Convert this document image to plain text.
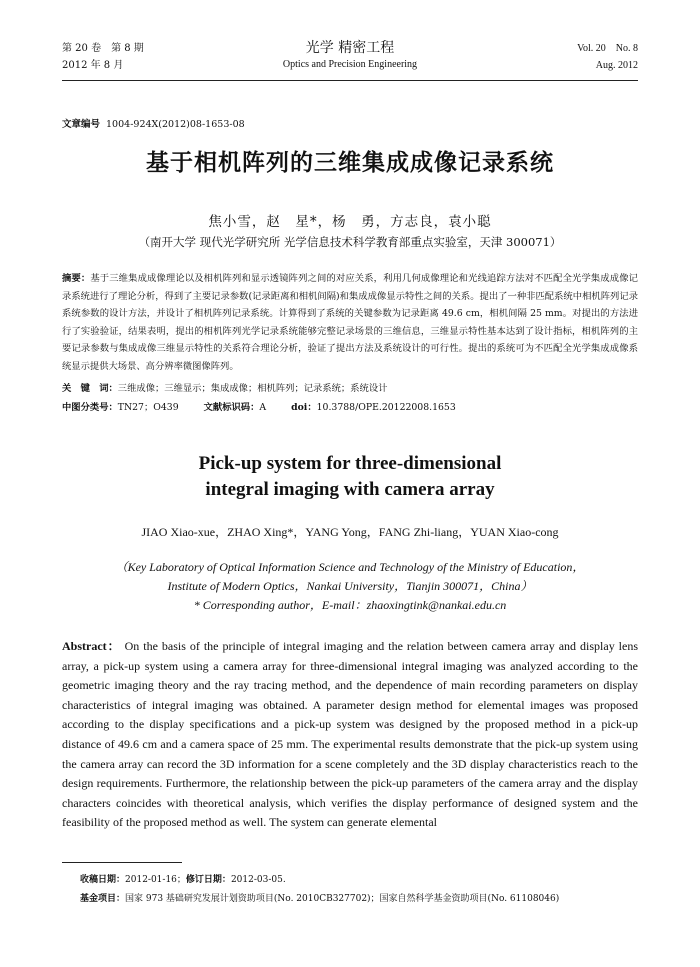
第 20 卷　第 8 期
2012 年 8 月
光学 精密工程
Optics and Precision Engineering
Vol. 20　No. 8
Aug. 2012
文章编号 1004-924X(2012)08-1653-08
基于相机阵列的三维集成成像记录系统
焦小雪，赵　星*，杨　勇，方志良，袁小聪
（南开大学 现代光学研究所 光学信息技术科学教育部重点实验室，天津 300071）
摘要：基于三维集成成像理论以及相机阵列和显示透镜阵列之间的对应关系，利用几何成像理论和光线追踪方法对不匹配全光学集成成像记录系统进行了理论分析，得到了主要记录参数(记录距离和相机间隔)和集成成像显示特性之间的关系。提出了一种非匹配系统中相机阵列记录系统参数的设计方法，并设计了相机阵列记录系统。计算得到了系统的关键参数为记录距离 49.6 cm，相机间隔 25 mm。对提出的方法进行了实验验证，结果表明，提出的相机阵列光学记录系统能够完整记录场景的三维信息，三维显示特性基本达到了设计指标，相机阵列的主要记录参数与集成成像三维显示特性的关系符合理论分析，验证了提出方法及系统设计的可行性。提出的系统可为不匹配全光学集成成像系统显示提供大场景、高分辨率微图像阵列。
关　键　词：三维成像；三维显示；集成成像；相机阵列；记录系统；系统设计
中图分类号：TN27；O439	文献标识码：A	doi：10.3788/OPE.20122008.1653
Pick-up system for three-dimensional
integral imaging with camera array
JIAO Xiao-xue，ZHAO Xing*，YANG Yong，FANG Zhi-liang，YUAN Xiao-cong
（Key Laboratory of Optical Information Science and Technology of the Ministry of Education，
Institute of Modern Optics，Nankai University，Tianjin 300071，China）
* Corresponding author，E-mail：zhaoxingtink@nankai.edu.cn
Abstract： On the basis of the principle of integral imaging and the relation between camera array and display lens array, a pick-up system using a camera array for three-dimensional integral imaging was analyzed according to the geometric imaging theory and the ray tracing method, and the dependence of main recording parameters on display characteristics of integral imaging was obtained. A parameter design method for elemental images was proposed according to the display specifications and a pick-up system was designed by the proposed method in a pick-up distance of 49.6 cm and a camera space of 25 mm. The experimental results demonstrate that the pick-up system using the camera array can record the 3D information for a scene completely and the 3D display characteristics reach to the design requirements. Furthermore, the relationship between the pick-up parameters of the camera array and the display characters coincides with theoretical analysis, which verifies the display performance of designed system and the feasibility of the proposed method as well. The system can generate elemental
收稿日期：2012-01-16；修订日期：2012-03-05.
基金项目：国家 973 基础研究发展计划资助项目(No. 2010CB327702)；国家自然科学基金资助项目(No. 61108046)
